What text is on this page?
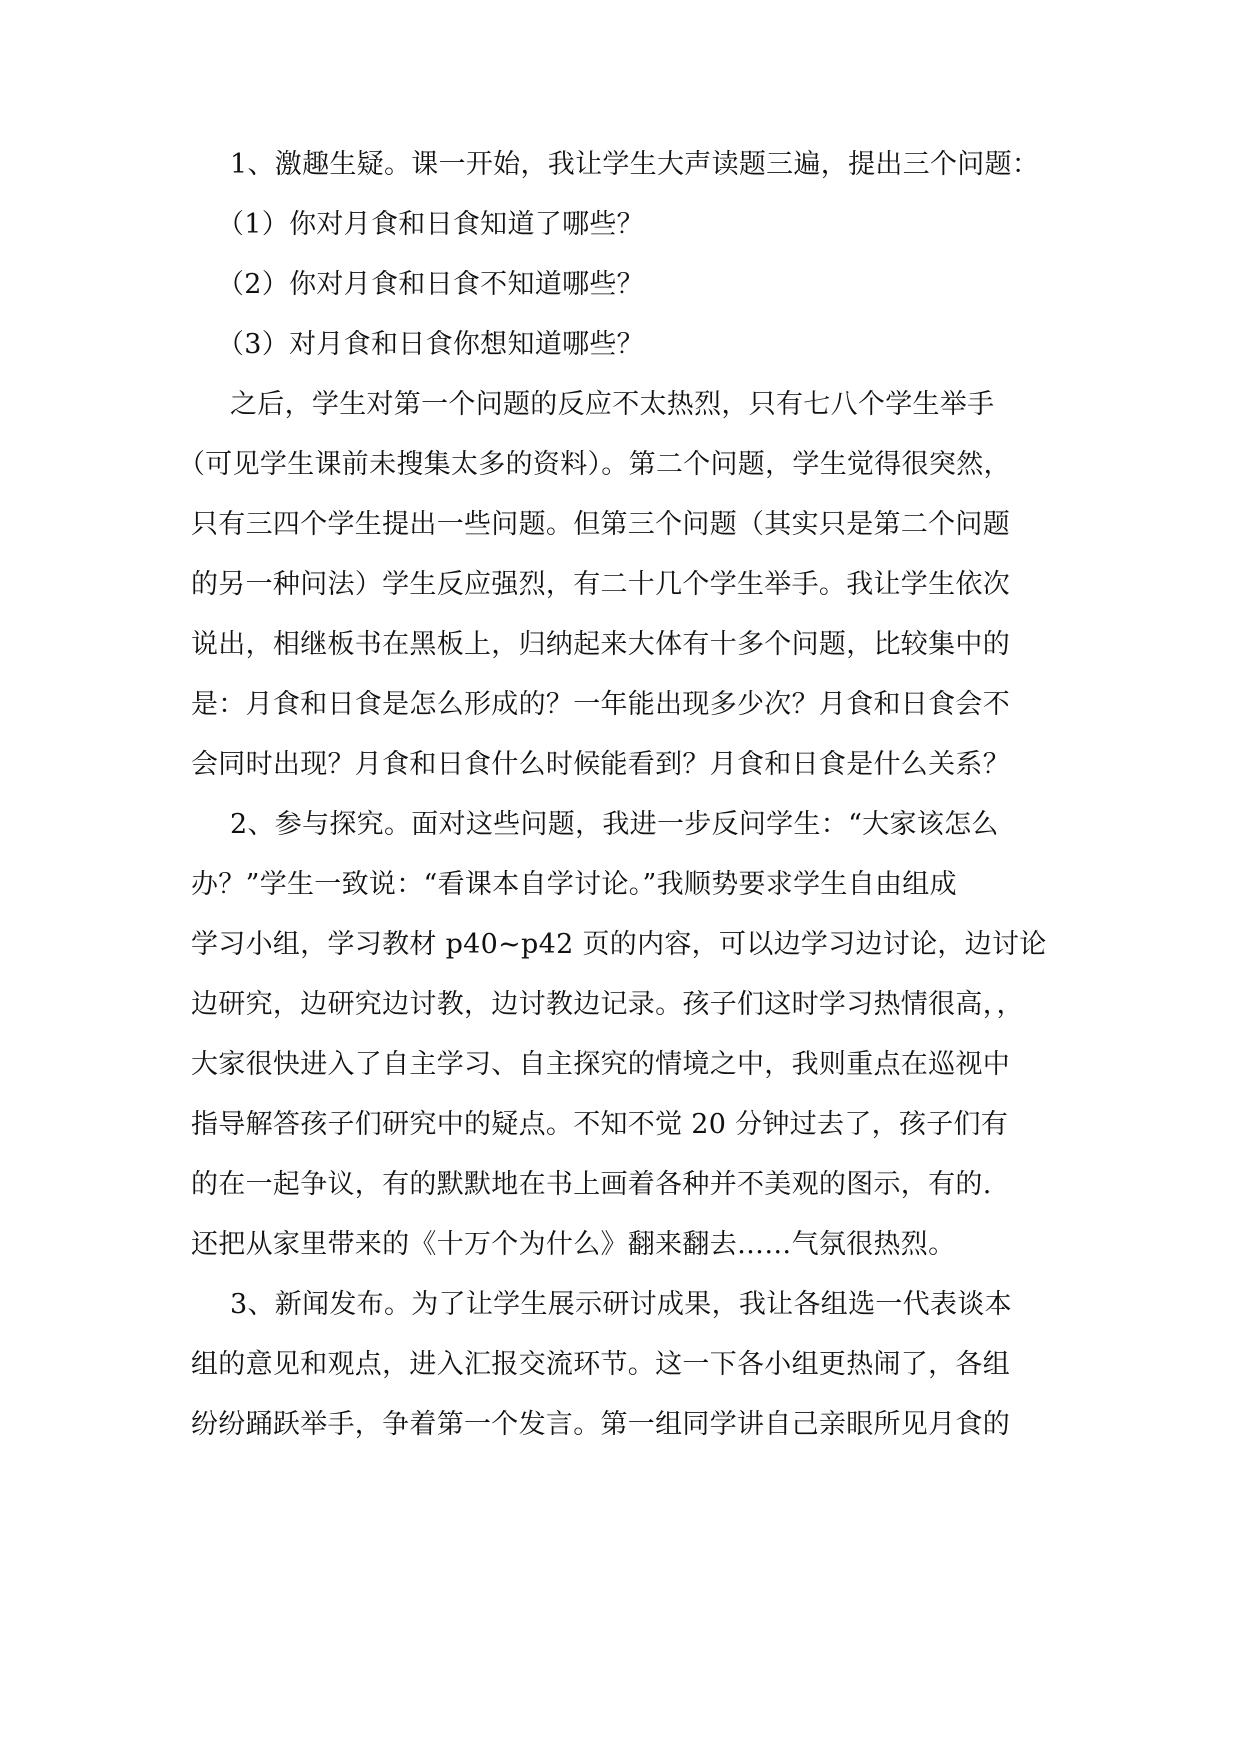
1、激趣生疑。课一开始，我让学生大声读题三遍，提出三个问题：
（1）你对月食和日食知道了哪些？
（2）你对月食和日食不知道哪些？
（3）对月食和日食你想知道哪些？
之后，学生对第一个问题的反应不太热烈，只有七八个学生举手
（可见学生课前未搜集太多的资料）。第二个问题，学生觉得很突然，
只有三四个学生提出一些问题。但第三个问题（其实只是第二个问题
的另一种问法）学生反应强烈，有二十几个学生举手。我让学生依次
说出，相继板书在黑板上，归纳起来大体有十多个问题，比较集中的
是：月食和日食是怎么形成的？一年能出现多少次？月食和日食会不
会同时出现？月食和日食什么时候能看到？月食和日食是什么关系？
2、参与探究。面对这些问题，我进一步反问学生：“大家该怎么
办？”学生一致说：“看课本自学讨论。”我顺势要求学生自由组成
学习小组，学习教材 p40~p42 页的内容，可以边学习边讨论，边讨论
边研究，边研究边讨教，边讨教边记录。孩子们这时学习热情很高，，
大家很快进入了自主学习、自主探究的情境之中，我则重点在巡视中
指导解答孩子们研究中的疑点。不知不觉 20 分钟过去了，孩子们有
的在一起争议，有的默默地在书上画着各种并不美观的图示，有的.
还把从家里带来的《十万个为什么》翻来翻去……气氛很热烈。
3、新闻发布。为了让学生展示研讨成果，我让各组选一代表谈本
组的意见和观点，进入汇报交流环节。这一下各小组更热闹了，各组
纷纷踊跃举手，争着第一个发言。第一组同学讲自己亲眼所见月食的
